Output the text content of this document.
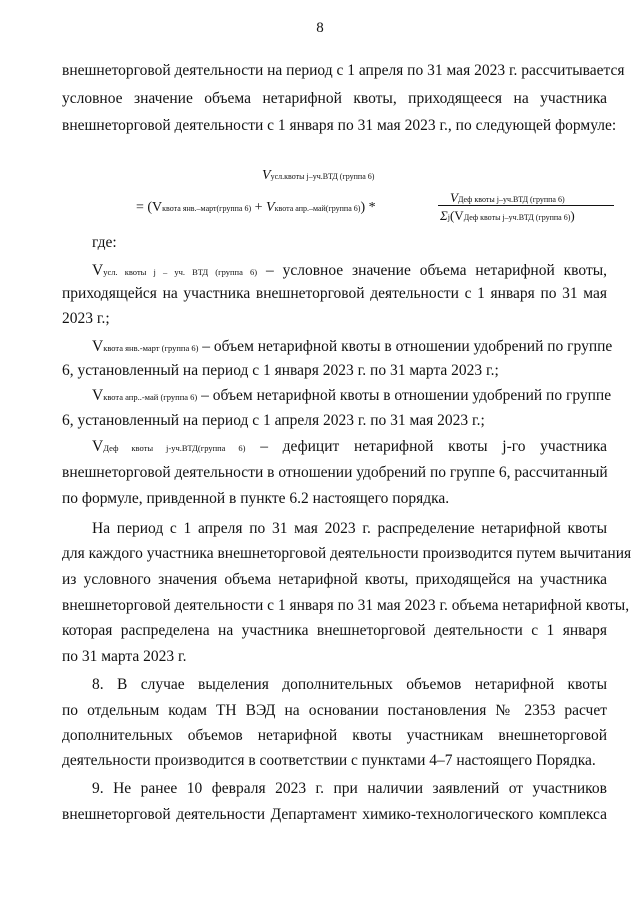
8
внешнеторговой деятельности на период с 1 апреля по 31 мая 2023 г. рассчитывается
условное значение объема нетарифной квоты, приходящееся на участника
внешнеторговой деятельности с 1 января по 31 мая 2023 г., по следующей формуле:
Vусл.квоты j–уч.ВТД (группа 6)
= (Vквота янв.–март(группа 6) + Vквота апр.–май(группа 6)) *
VДеф квоты j–уч.ВТД (группа 6)
Σj(VДеф квоты j–уч.ВТД (группа 6))
где:
Vусл. квоты j – уч. ВТД (группа 6) – условное значение объема нетарифной квоты,
приходящейся на участника внешнеторговой деятельности с 1 января по 31 мая
2023 г.;
Vквота янв.-март (группа 6) – объем нетарифной квоты в отношении удобрений по группе
6, установленный на период с 1 января 2023 г. по 31 марта 2023 г.;
Vквота апр..-май (группа 6) – объем нетарифной квоты в отношении удобрений по группе
6, установленный на период с 1 апреля 2023 г. по 31 мая 2023 г.;
VДеф квоты j-уч.ВТД(группа 6) – дефицит нетарифной квоты j-го участника
внешнеторговой деятельности в отношении удобрений по группе 6, рассчитанный
по формуле, привденной в пункте 6.2 настоящего порядка.
На период с 1 апреля по 31 мая 2023 г. распределение нетарифной квоты
для каждого участника внешнеторговой деятельности производится путем вычитания
из условного значения объема нетарифной квоты, приходящейся на участника
внешнеторговой деятельности с 1 января по 31 мая 2023 г. объема нетарифной квоты,
которая распределена на участника внешнеторговой деятельности с 1 января
по 31 марта 2023 г.
8. В случае выделения дополнительных объемов нетарифной квоты
по отдельным кодам ТН ВЭД на основании постановления № 2353 расчет
дополнительных объемов нетарифной квоты участникам внешнеторговой
деятельности производится в соответствии с пунктами 4–7 настоящего Порядка.
9. Не ранее 10 февраля 2023 г. при наличии заявлений от участников
внешнеторговой деятельности Департамент химико-технологического комплекса
